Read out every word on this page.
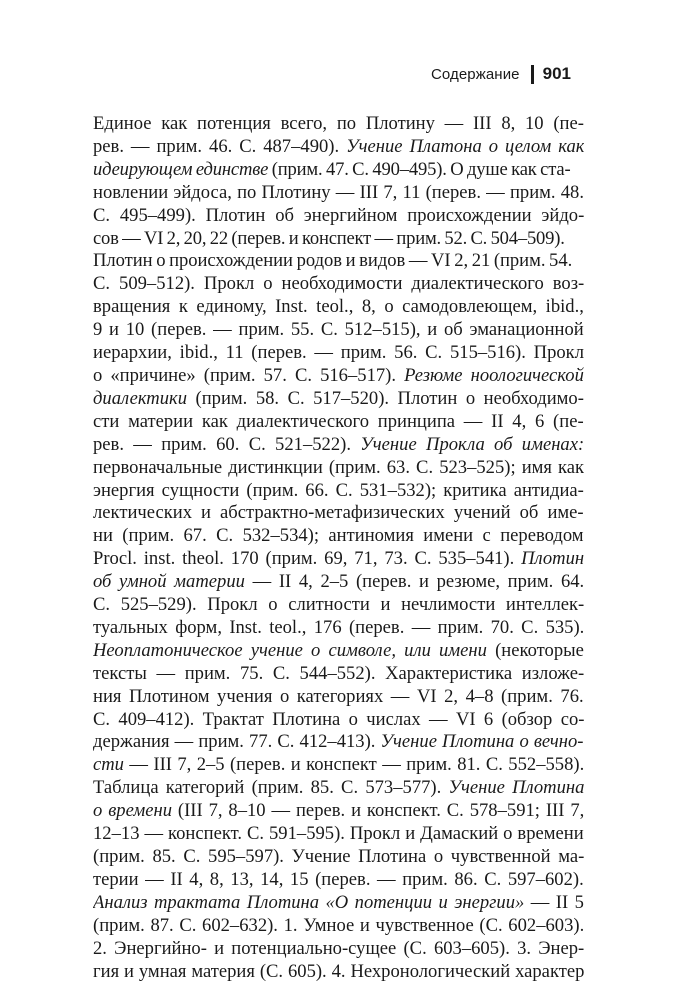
Содержание 901
Единое как потенция всего, по Плотину — III 8, 10 (пе-
рев. — прим. 46. С. 487–490). Учение Платона о целом как
идеирующем единстве (прим. 47. С. 490–495). О душе как ста-
новлении эйдоса, по Плотину — III 7, 11 (перев. — прим. 48.
С. 495–499). Плотин об энергийном происхождении эйдо-
сов — VI 2, 20, 22 (перев. и конспект — прим. 52. С. 504–509).
Плотин о происхождении родов и видов — VI 2, 21 (прим. 54.
С. 509–512). Прокл о необходимости диалектического воз-
вращения к единому, Inst. teol., 8, о самодовлеющем, ibid.,
9 и 10 (перев. — прим. 55. С. 512–515), и об эманационной
иерархии, ibid., 11 (перев. — прим. 56. С. 515–516). Прокл
о «причине» (прим. 57. С. 516–517). Резюме ноологической
диалектики (прим. 58. С. 517–520). Плотин о необходимо-
сти материи как диалектического принципа — II 4, 6 (пе-
рев. — прим. 60. С. 521–522). Учение Прокла об именах:
первоначальные дистинкции (прим. 63. С. 523–525); имя как
энергия сущности (прим. 66. С. 531–532); критика антидиа-
лектических и абстрактно-метафизических учений об име-
ни (прим. 67. С. 532–534); антиномия имени с переводом
Procl. inst. theol. 170 (прим. 69, 71, 73. С. 535–541). Плотин
об умной материи — II 4, 2–5 (перев. и резюме, прим. 64.
С. 525–529). Прокл о слитности и нечлимости интеллек-
туальных форм, Inst. teol., 176 (перев. — прим. 70. С. 535).
Неоплатоническое учение о символе, или имени (некоторые
тексты — прим. 75. С. 544–552). Характеристика изложе-
ния Плотином учения о категориях — VI 2, 4–8 (прим. 76.
С. 409–412). Трактат Плотина о числах — VI 6 (обзор со-
держания — прим. 77. С. 412–413). Учение Плотина о вечно-
сти — III 7, 2–5 (перев. и конспект — прим. 81. С. 552–558).
Таблица категорий (прим. 85. С. 573–577). Учение Плотина
о времени (III 7, 8–10 — перев. и конспект. С. 578–591; III 7,
12–13 — конспект. С. 591–595). Прокл и Дамаский о времени
(прим. 85. С. 595–597). Учение Плотина о чувственной ма-
терии — II 4, 8, 13, 14, 15 (перев. — прим. 86. С. 597–602).
Анализ трактата Плотина «О потенции и энергии» — II 5
(прим. 87. С. 602–632). 1. Умное и чувственное (С. 602–603).
2. Энергийно- и потенциально-сущее (С. 603–605). 3. Энер-
гия и умная материя (С. 605). 4. Нехронологический характер
